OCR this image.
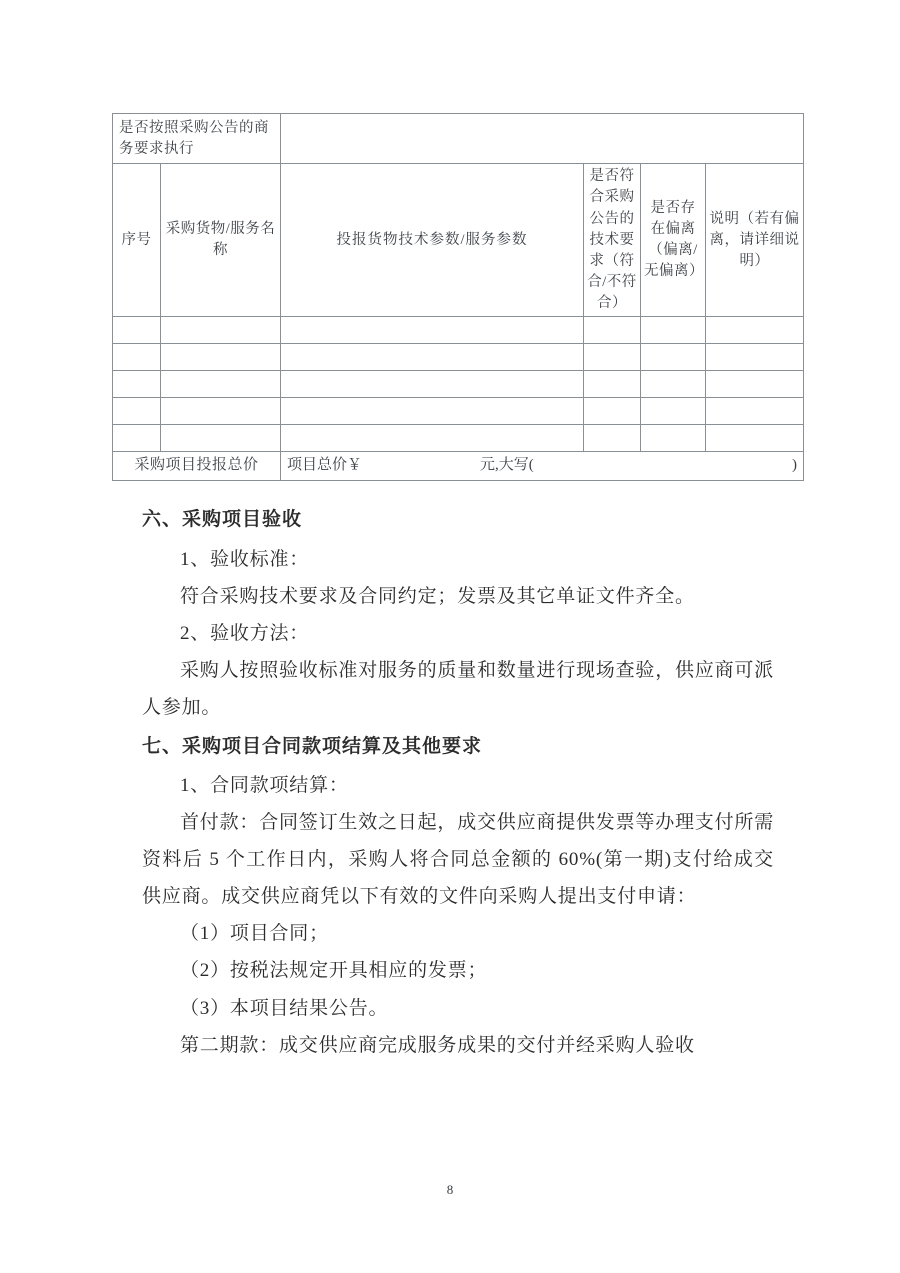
是否按照采购公告的商务要求执行					

序号	采购货物/服务名称	投报货物技术参数/服务参数	是否符合采购公告的技术要求（符合/不符合）	是否存在偏离（偏离/无偏离）	说明（若有偏离，请详细说明）

采购项目投报总价		项目总价￥ 元,大写( )			
六、采购项目验收

1、验收标准：

符合采购技术要求及合同约定；发票及其它单证文件齐全。

2、验收方法：

采购人按照验收标准对服务的质量和数量进行现场查验，供应商可派人参加。

七、采购项目合同款项结算及其他要求

1、合同款项结算：

首付款：合同签订生效之日起，成交供应商提供发票等办理支付所需资料后 5 个工作日内，采购人将合同总金额的 60%(第一期)支付给成交供应商。成交供应商凭以下有效的文件向采购人提出支付申请：

（1）项目合同；

（2）按税法规定开具相应的发票；

（3）本项目结果公告。

第二期款：成交供应商完成服务成果的交付并经采购人验收

8
